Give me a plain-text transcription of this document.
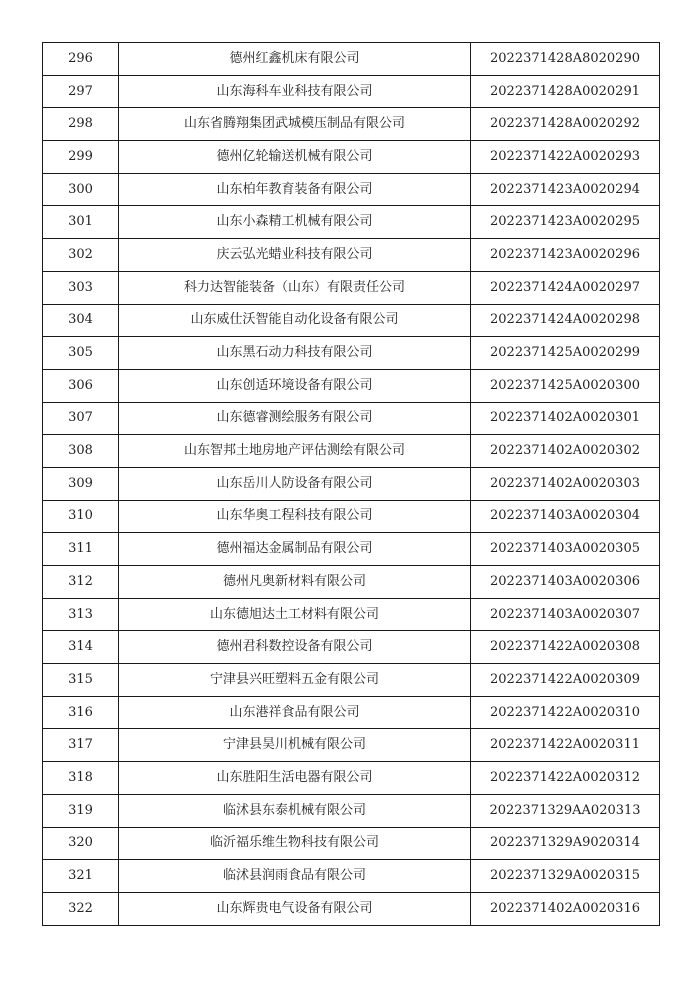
296	德州红鑫机床有限公司	2022371428A8020290
297	山东海科车业科技有限公司	2022371428A0020291
298	山东省腾翔集团武城模压制品有限公司	2022371428A0020292
299	德州亿轮输送机械有限公司	2022371422A0020293
300	山东柏年教育装备有限公司	2022371423A0020294
301	山东小森精工机械有限公司	2022371423A0020295
302	庆云弘光蜡业科技有限公司	2022371423A0020296
303	科力达智能装备（山东）有限责任公司	2022371424A0020297
304	山东威仕沃智能自动化设备有限公司	2022371424A0020298
305	山东黑石动力科技有限公司	2022371425A0020299
306	山东创适环境设备有限公司	2022371425A0020300
307	山东德睿测绘服务有限公司	2022371402A0020301
308	山东智邦土地房地产评估测绘有限公司	2022371402A0020302
309	山东岳川人防设备有限公司	2022371402A0020303
310	山东华奥工程科技有限公司	2022371403A0020304
311	德州福达金属制品有限公司	2022371403A0020305
312	德州凡奥新材料有限公司	2022371403A0020306
313	山东德旭达土工材料有限公司	2022371403A0020307
314	德州君科数控设备有限公司	2022371422A0020308
315	宁津县兴旺塑料五金有限公司	2022371422A0020309
316	山东港祥食品有限公司	2022371422A0020310
317	宁津县昊川机械有限公司	2022371422A0020311
318	山东胜阳生活电器有限公司	2022371422A0020312
319	临沭县东泰机械有限公司	2022371329AA020313
320	临沂福乐维生物科技有限公司	2022371329A9020314
321	临沭县润雨食品有限公司	2022371329A0020315
322	山东辉贵电气设备有限公司	2022371402A0020316
